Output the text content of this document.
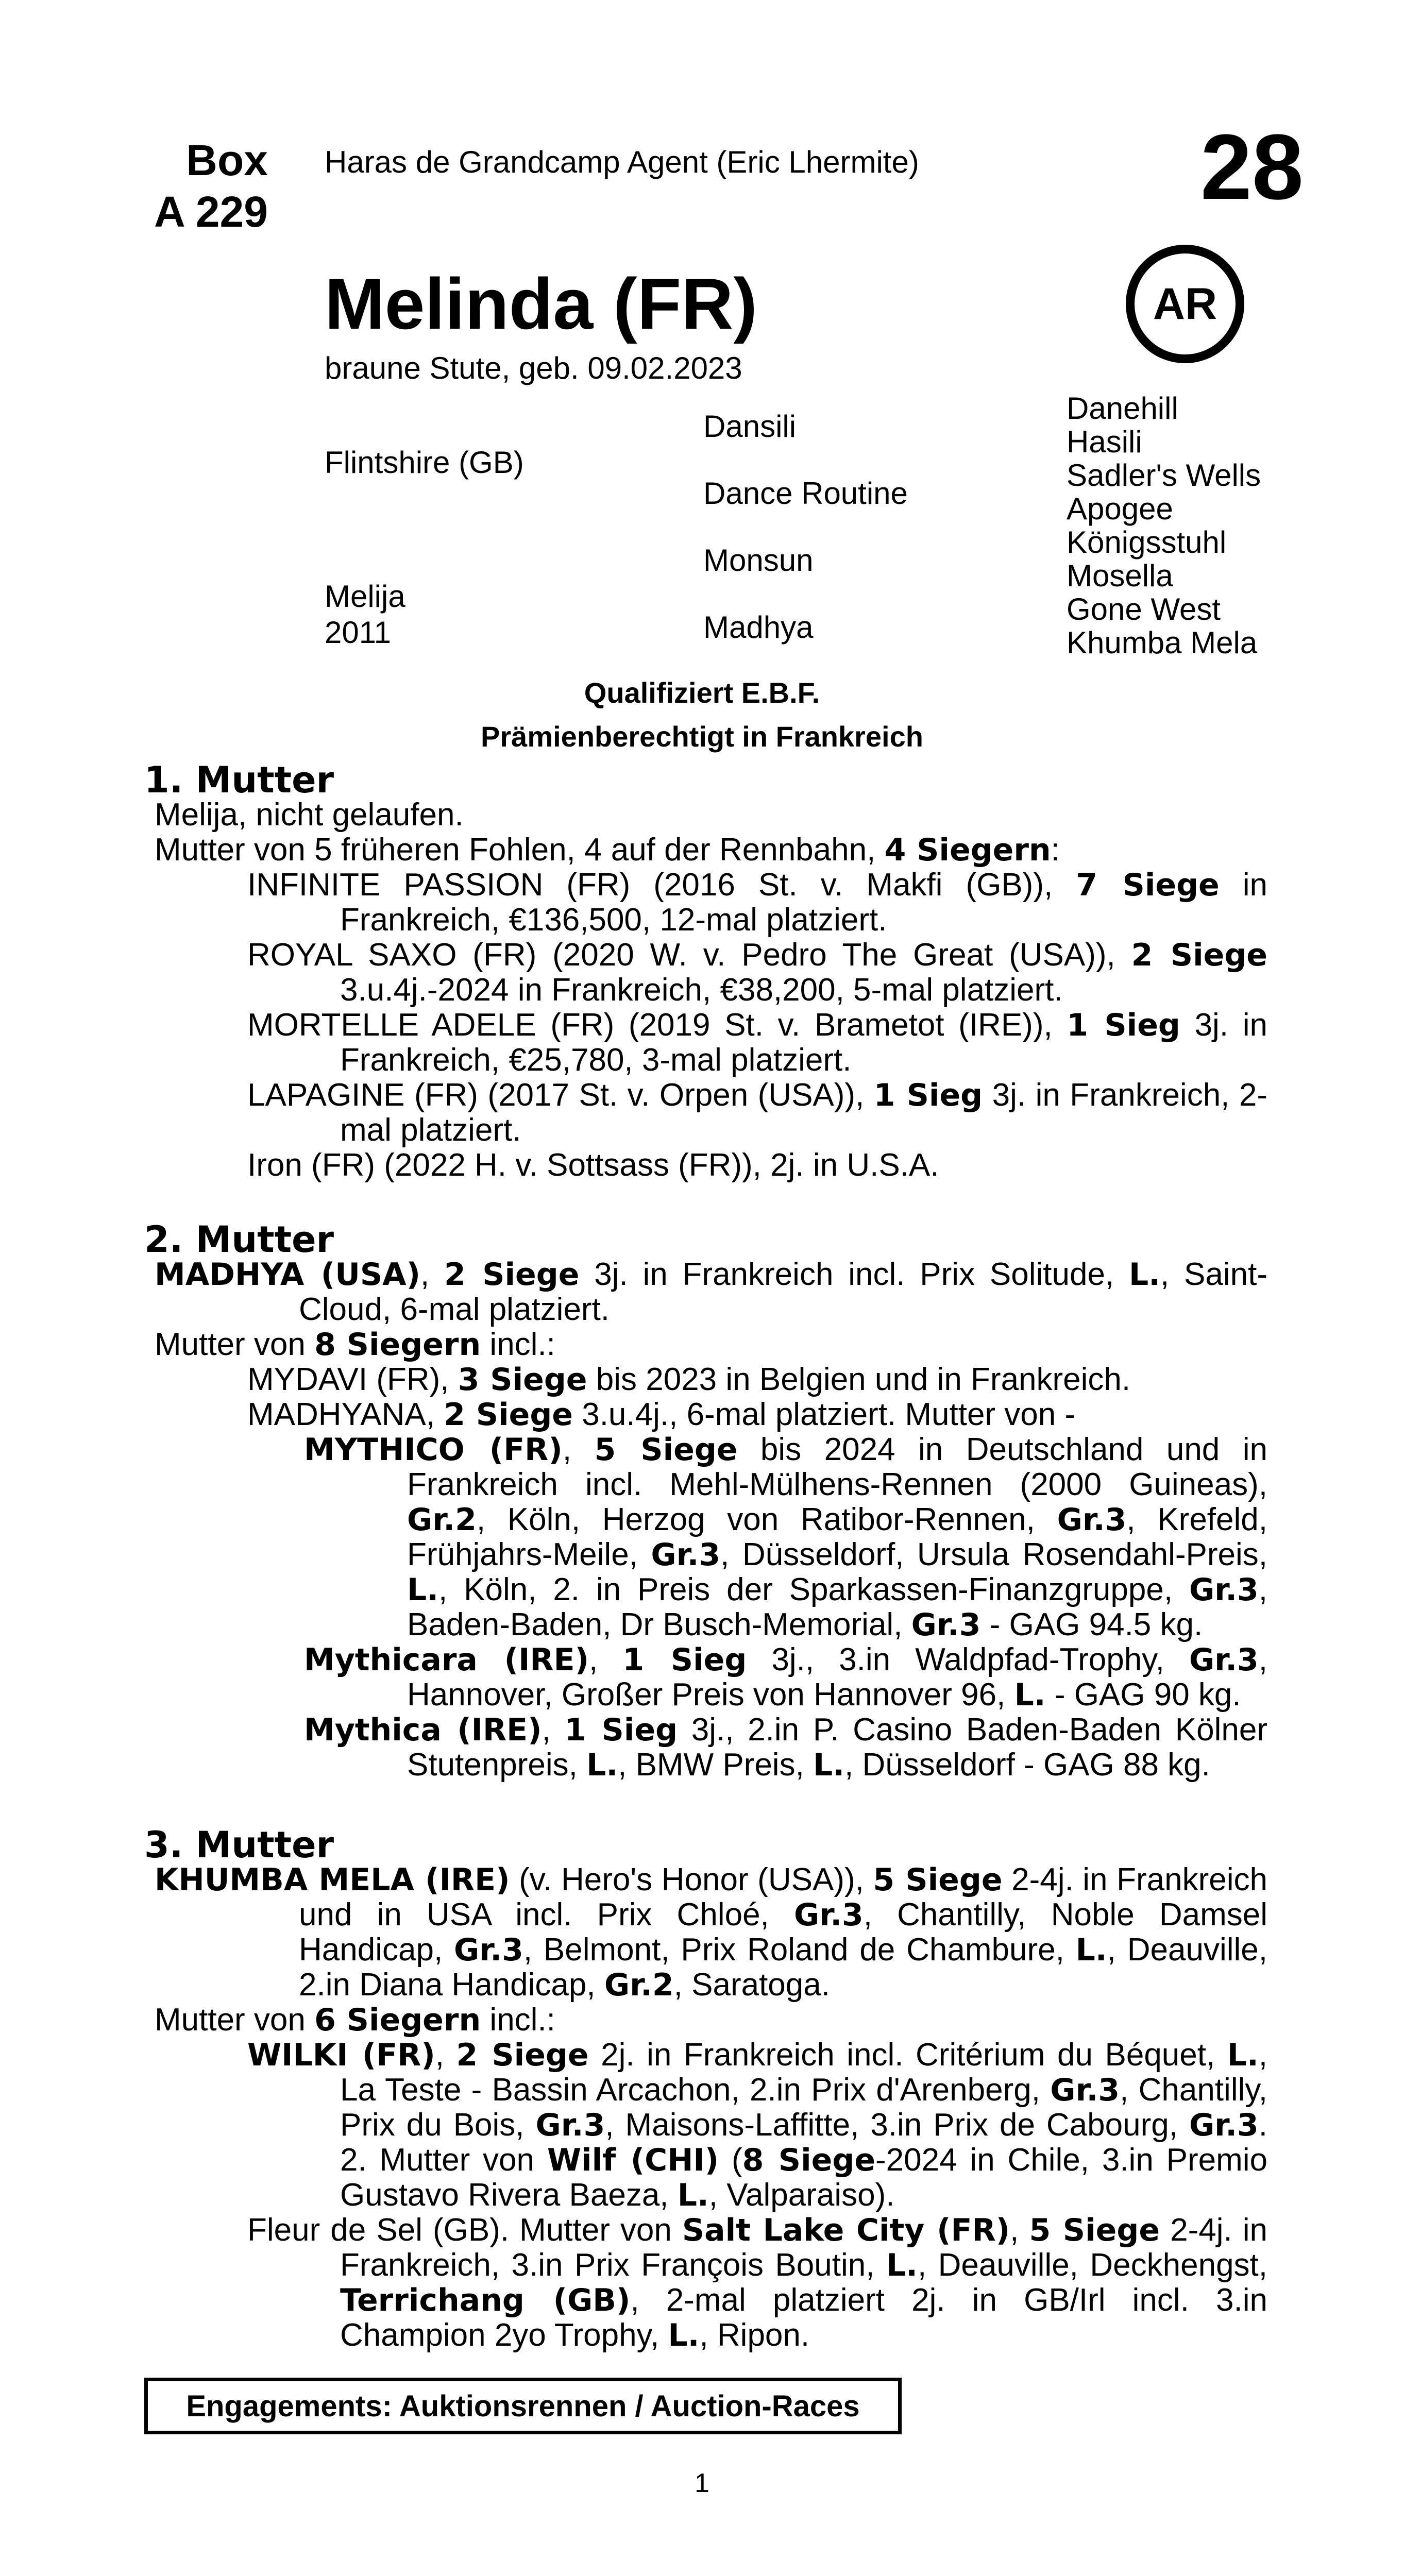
Box
A 229
Haras de Grandcamp Agent (Eric Lhermite)	28
Melinda (FR)
braune Stute, geb. 09.02.2023
AR
Flintshire (GB)
Melija
2011
Dansili
Dance Routine
Monsun
Madhya
Danehill
Hasili
Sadler's Wells
Apogee
Königsstuhl
Mosella
Gone West
Khumba Mela
Qualifiziert E.B.F.
Prämienberechtigt in Frankreich
1. Mutter
Melija, nicht gelaufen.
Mutter von 5 früheren Fohlen, 4 auf der Rennbahn, 4 Siegern:
INFINITE PASSION (FR) (2016 St. v. Makfi (GB)), 7 Siege in Frankreich, €136,500, 12-mal platziert.
ROYAL SAXO (FR) (2020 W. v. Pedro The Great (USA)), 2 Siege 3.u.4j.-2024 in Frankreich, €38,200, 5-mal platziert.
MORTELLE ADELE (FR) (2019 St. v. Brametot (IRE)), 1 Sieg 3j. in Frankreich, €25,780, 3-mal platziert.
LAPAGINE (FR) (2017 St. v. Orpen (USA)), 1 Sieg 3j. in Frankreich, 2-mal platziert.
Iron (FR) (2022 H. v. Sottsass (FR)), 2j. in U.S.A.
2. Mutter
MADHYA (USA), 2 Siege 3j. in Frankreich incl. Prix Solitude, L., Saint-Cloud, 6-mal platziert.
Mutter von 8 Siegern incl.:
MYDAVI (FR), 3 Siege bis 2023 in Belgien und in Frankreich.
MADHYANA, 2 Siege 3.u.4j., 6-mal platziert. Mutter von -
MYTHICO (FR), 5 Siege bis 2024 in Deutschland und in Frankreich incl. Mehl-Mülhens-Rennen (2000 Guineas), Gr.2, Köln, Herzog von Ratibor-Rennen, Gr.3, Krefeld, Frühjahrs-Meile, Gr.3, Düsseldorf, Ursula Rosendahl-Preis, L., Köln, 2. in Preis der Sparkassen-Finanzgruppe, Gr.3, Baden-Baden, Dr Busch-Memorial, Gr.3 - GAG 94.5 kg.
Mythicara (IRE), 1 Sieg 3j., 3.in Waldpfad-Trophy, Gr.3, Hannover, Großer Preis von Hannover 96, L. - GAG 90 kg.
Mythica (IRE), 1 Sieg 3j., 2.in P. Casino Baden-Baden Kölner Stutenpreis, L., BMW Preis, L., Düsseldorf - GAG 88 kg.
3. Mutter
KHUMBA MELA (IRE) (v. Hero's Honor (USA)), 5 Siege 2-4j. in Frankreich und in USA incl. Prix Chloé, Gr.3, Chantilly, Noble Damsel Handicap, Gr.3, Belmont, Prix Roland de Chambure, L., Deauville, 2.in Diana Handicap, Gr.2, Saratoga.
Mutter von 6 Siegern incl.:
WILKI (FR), 2 Siege 2j. in Frankreich incl. Critérium du Béquet, L., La Teste - Bassin Arcachon, 2.in Prix d'Arenberg, Gr.3, Chantilly, Prix du Bois, Gr.3, Maisons-Laffitte, 3.in Prix de Cabourg, Gr.3. 2. Mutter von Wilf (CHI) (8 Siege-2024 in Chile, 3.in Premio Gustavo Rivera Baeza, L., Valparaiso).
Fleur de Sel (GB). Mutter von Salt Lake City (FR), 5 Siege 2-4j. in Frankreich, 3.in Prix François Boutin, L., Deauville, Deckhengst, Terrichang (GB), 2-mal platziert 2j. in GB/Irl incl. 3.in Champion 2yo Trophy, L., Ripon.
Engagements: Auktionsrennen / Auction-Races
1
